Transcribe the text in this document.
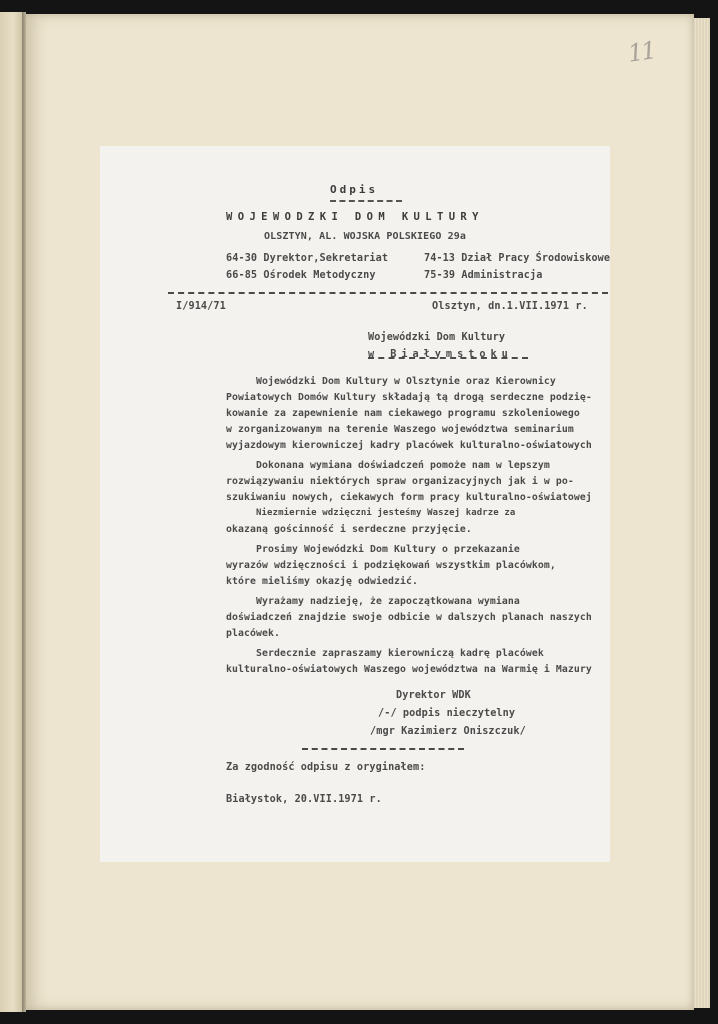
11
Odpis
WOJEWODZKI DOM KULTURY
OLSZTYN, AL. WOJSKA POLSKIEGO 29a
64-30 Dyrektor,Sekretariat	74-13 Dział Pracy Środowiskowe
66-85 Ośrodek Metodyczny	75-39 Administracja
I/914/71	Olsztyn, dn.1.VII.1971 r.
Wojewódzki Dom Kultury
w Białymstoku
Wojewódzki Dom Kultury w Olsztynie oraz Kierownicy
Powiatowych Domów Kultury składają tą drogą serdeczne podzię-
kowanie za zapewnienie nam ciekawego programu szkoleniowego
w zorganizowanym na terenie Waszego województwa seminarium
wyjazdowym kierowniczej kadry placówek kulturalno-oświatowych
Dokonana wymiana doświadczeń pomoże nam w lepszym
rozwiązywaniu niektórych spraw organizacyjnych jak i w po-
szukiwaniu nowych, ciekawych form pracy kulturalno-oświatowej
Niezmiernie wdzięczni jesteśmy Waszej kadrze za
okazaną gościnność i serdeczne przyjęcie.
Prosimy Wojewódzki Dom Kultury o przekazanie
wyrazów wdzięczności i podziękowań wszystkim placówkom,
które mieliśmy okazję odwiedzić.
Wyrażamy nadzieję, że zapoczątkowana wymiana
doświadczeń znajdzie swoje odbicie w dalszych planach naszych
placówek.
Serdecznie zapraszamy kierowniczą kadrę placówek
kulturalno-oświatowych Waszego województwa na Warmię i Mazury
Dyrektor WDK
/-/ podpis nieczytelny
/mgr Kazimierz Oniszczuk/
Za zgodność odpisu z oryginałem:
Białystok, 20.VII.1971 r.
